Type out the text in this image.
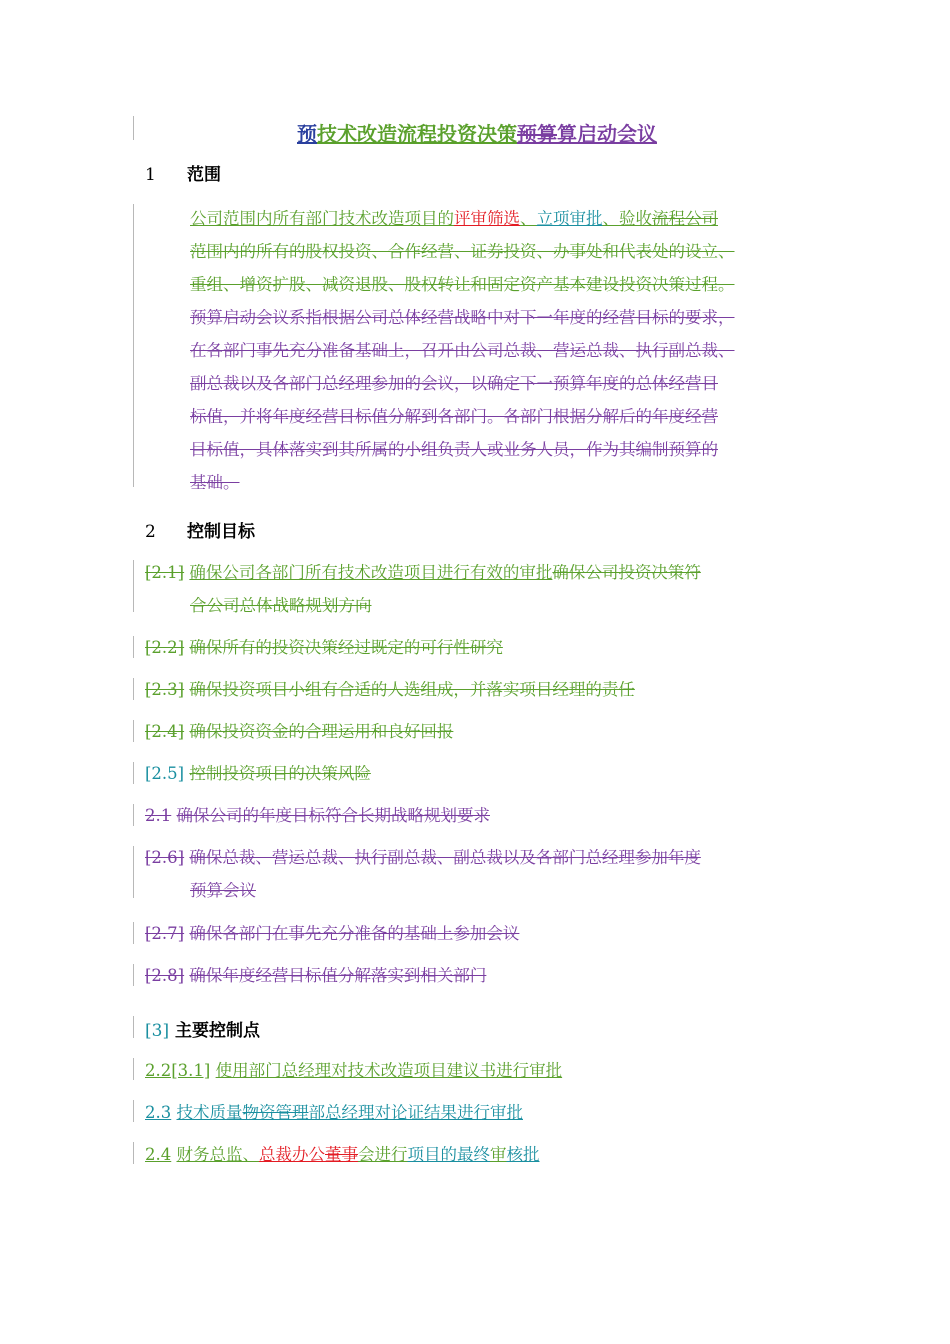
预技术改造流程投资决策预算算启动会议
1 范围

公司范围内所有部门技术改造项目的评审筛选、立项审批、验收流程公司

范围内的所有的股权投资、合作经营、证券投资、办事处和代表处的设立、

重组、增资扩股、减资退股、股权转让和固定资产基本建设投资决策过程。

预算启动会议系指根据公司总体经营战略中对下一年度的经营目标的要求，

在各部门事先充分准备基础上，召开由公司总裁、营运总裁、执行副总裁、

副总裁以及各部门总经理参加的会议，以确定下一预算年度的总体经营目

标值，并将年度经营目标值分解到各部门。各部门根据分解后的年度经营

目标值，具体落实到其所属的小组负责人或业务人员，作为其编制预算的

基础。

2 控制目标
[2.1] 确保公司各部门所有技术改造项目进行有效的审批确保公司投资决策符
合公司总体战略规划方向
[2.2] 确保所有的投资决策经过既定的可行性研究
[2.3] 确保投资项目小组有合适的人选组成，并落实项目经理的责任
[2.4] 确保投资资金的合理运用和良好回报
[2.5] 控制投资项目的决策风险
2.1 确保公司的年度目标符合长期战略规划要求
[2.6] 确保总裁、营运总裁、执行副总裁、副总裁以及各部门总经理参加年度
预算会议
[2.7] 确保各部门在事先充分准备的基础上参加会议
[2.8] 确保年度经营目标值分解落实到相关部门
[3] 主要控制点
2.2[3.1] 使用部门总经理对技术改造项目建议书进行审批
2.3 技术质量物资管理部总经理对论证结果进行审批
2.4 财务总监、总裁办公董事会进行项目的最终审核批
